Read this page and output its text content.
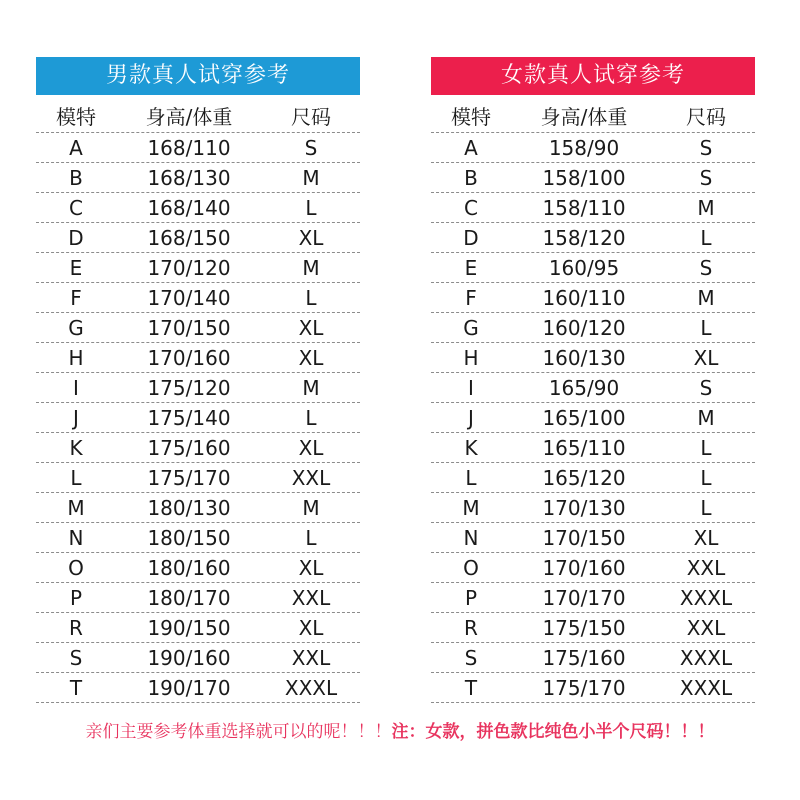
男款真人试穿参考
模特	身高/体重	尺码
A	168/110	S
B	168/130	M
C	168/140	L
D	168/150	XL
E	170/120	M
F	170/140	L
G	170/150	XL
H	170/160	XL
I	175/120	M
J	175/140	L
K	175/160	XL
L	175/170	XXL
M	180/130	M
N	180/150	L
O	180/160	XL
P	180/170	XXL
R	190/150	XL
S	190/160	XXL
T	190/170	XXXL
女款真人试穿参考
模特	身高/体重	尺码
A	158/90	S
B	158/100	S
C	158/110	M
D	158/120	L
E	160/95	S
F	160/110	M
G	160/120	L
H	160/130	XL
I	165/90	S
J	165/100	M
K	165/110	L
L	165/120	L
M	170/130	L
N	170/150	XL
O	170/160	XXL
P	170/170	XXXL
R	175/150	XXL
S	175/160	XXXL
T	175/170	XXXL
亲们主要参考体重选择就可以的呢！！！注：女款，拼色款比纯色小半个尺码！！！
